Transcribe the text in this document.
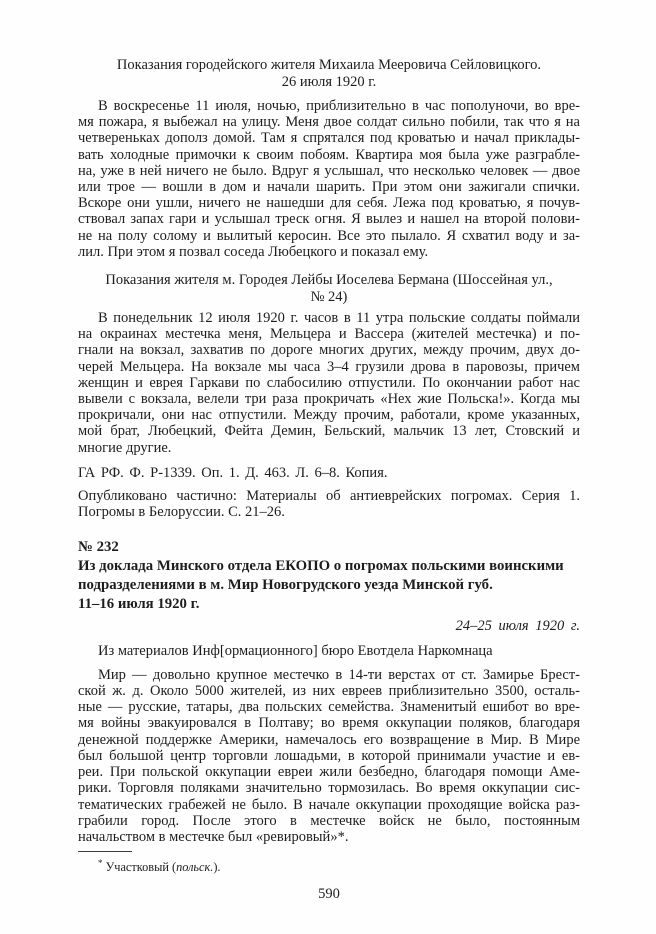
Показания городейского жителя Михаила Мееровича Сейловицкого.
26 июля 1920 г.
В воскресенье 11 июля, ночью, приблизительно в час пополуночи, во вре-
мя пожара, я выбежал на улицу. Меня двое солдат сильно побили, так что я на
четвереньках дополз домой. Там я спрятался под кроватью и начал приклады-
вать холодные примочки к своим побоям. Квартира моя была уже разграбле-
на, уже в ней ничего не было. Вдруг я услышал, что несколько человек — двое
или трое — вошли в дом и начали шарить. При этом они зажигали спички.
Вскоре они ушли, ничего не нашедши для себя. Лежа под кроватью, я почув-
ствовал запах гари и услышал треск огня. Я вылез и нашел на второй полови-
не на полу солому и вылитый керосин. Все это пылало. Я схватил воду и за-
лил. При этом я позвал соседа Любецкого и показал ему.
Показания жителя м. Городея Лейбы Иоселева Бермана (Шоссейная ул.,
№ 24)
В понедельник 12 июля 1920 г. часов в 11 утра польские солдаты поймали
на окраинах местечка меня, Мельцера и Вассера (жителей местечка) и по-
гнали на вокзал, захватив по дороге многих других, между прочим, двух до-
черей Мельцера. На вокзале мы часа 3–4 грузили дрова в паровозы, причем
женщин и еврея Гаркави по слабосилию отпустили. По окончании работ нас
вывели с вокзала, велели три раза прокричать «Нех жие Польска!». Когда мы
прокричали, они нас отпустили. Между прочим, работали, кроме указанных,
мой брат, Любецкий, Фейта Демин, Бельский, мальчик 13 лет, Стовский и
многие другие.
ГА РФ. Ф. Р-1339. Оп. 1. Д. 463. Л. 6–8. Копия.
Опубликовано частично: Материалы об антиеврейских погромах. Серия 1.
Погромы в Белоруссии. С. 21–26.
№ 232
Из доклада Минского отдела ЕКОПО о погромах польскими воинскими
подразделениями в м. Мир Новогрудского уезда Минской губ.
11–16 июля 1920 г.
24–25 июля 1920 г.
Из материалов Инф[ормационного] бюро Евотдела Наркомнаца
Мир — довольно крупное местечко в 14-ти верстах от ст. Замирье Брест-
ской ж. д. Около 5000 жителей, из них евреев приблизительно 3500, осталь-
ные — русские, татары, два польских семейства. Знаменитый ешибот во вре-
мя войны эвакуировался в Полтаву; во время оккупации поляков, благодаря
денежной поддержке Америки, намечалось его возвращение в Мир. В Мире
был большой центр торговли лошадьми, в которой принимали участие и ев-
реи. При польской оккупации евреи жили безбедно, благодаря помощи Аме-
рики. Торговля поляками значительно тормозилась. Во время оккупации сис-
тематических грабежей не было. В начале оккупации проходящие войска раз-
грабили город. После этого в местечке войск не было, постоянным
начальством в местечке был «ревировый»*.
* Участковый (польск.).
590
